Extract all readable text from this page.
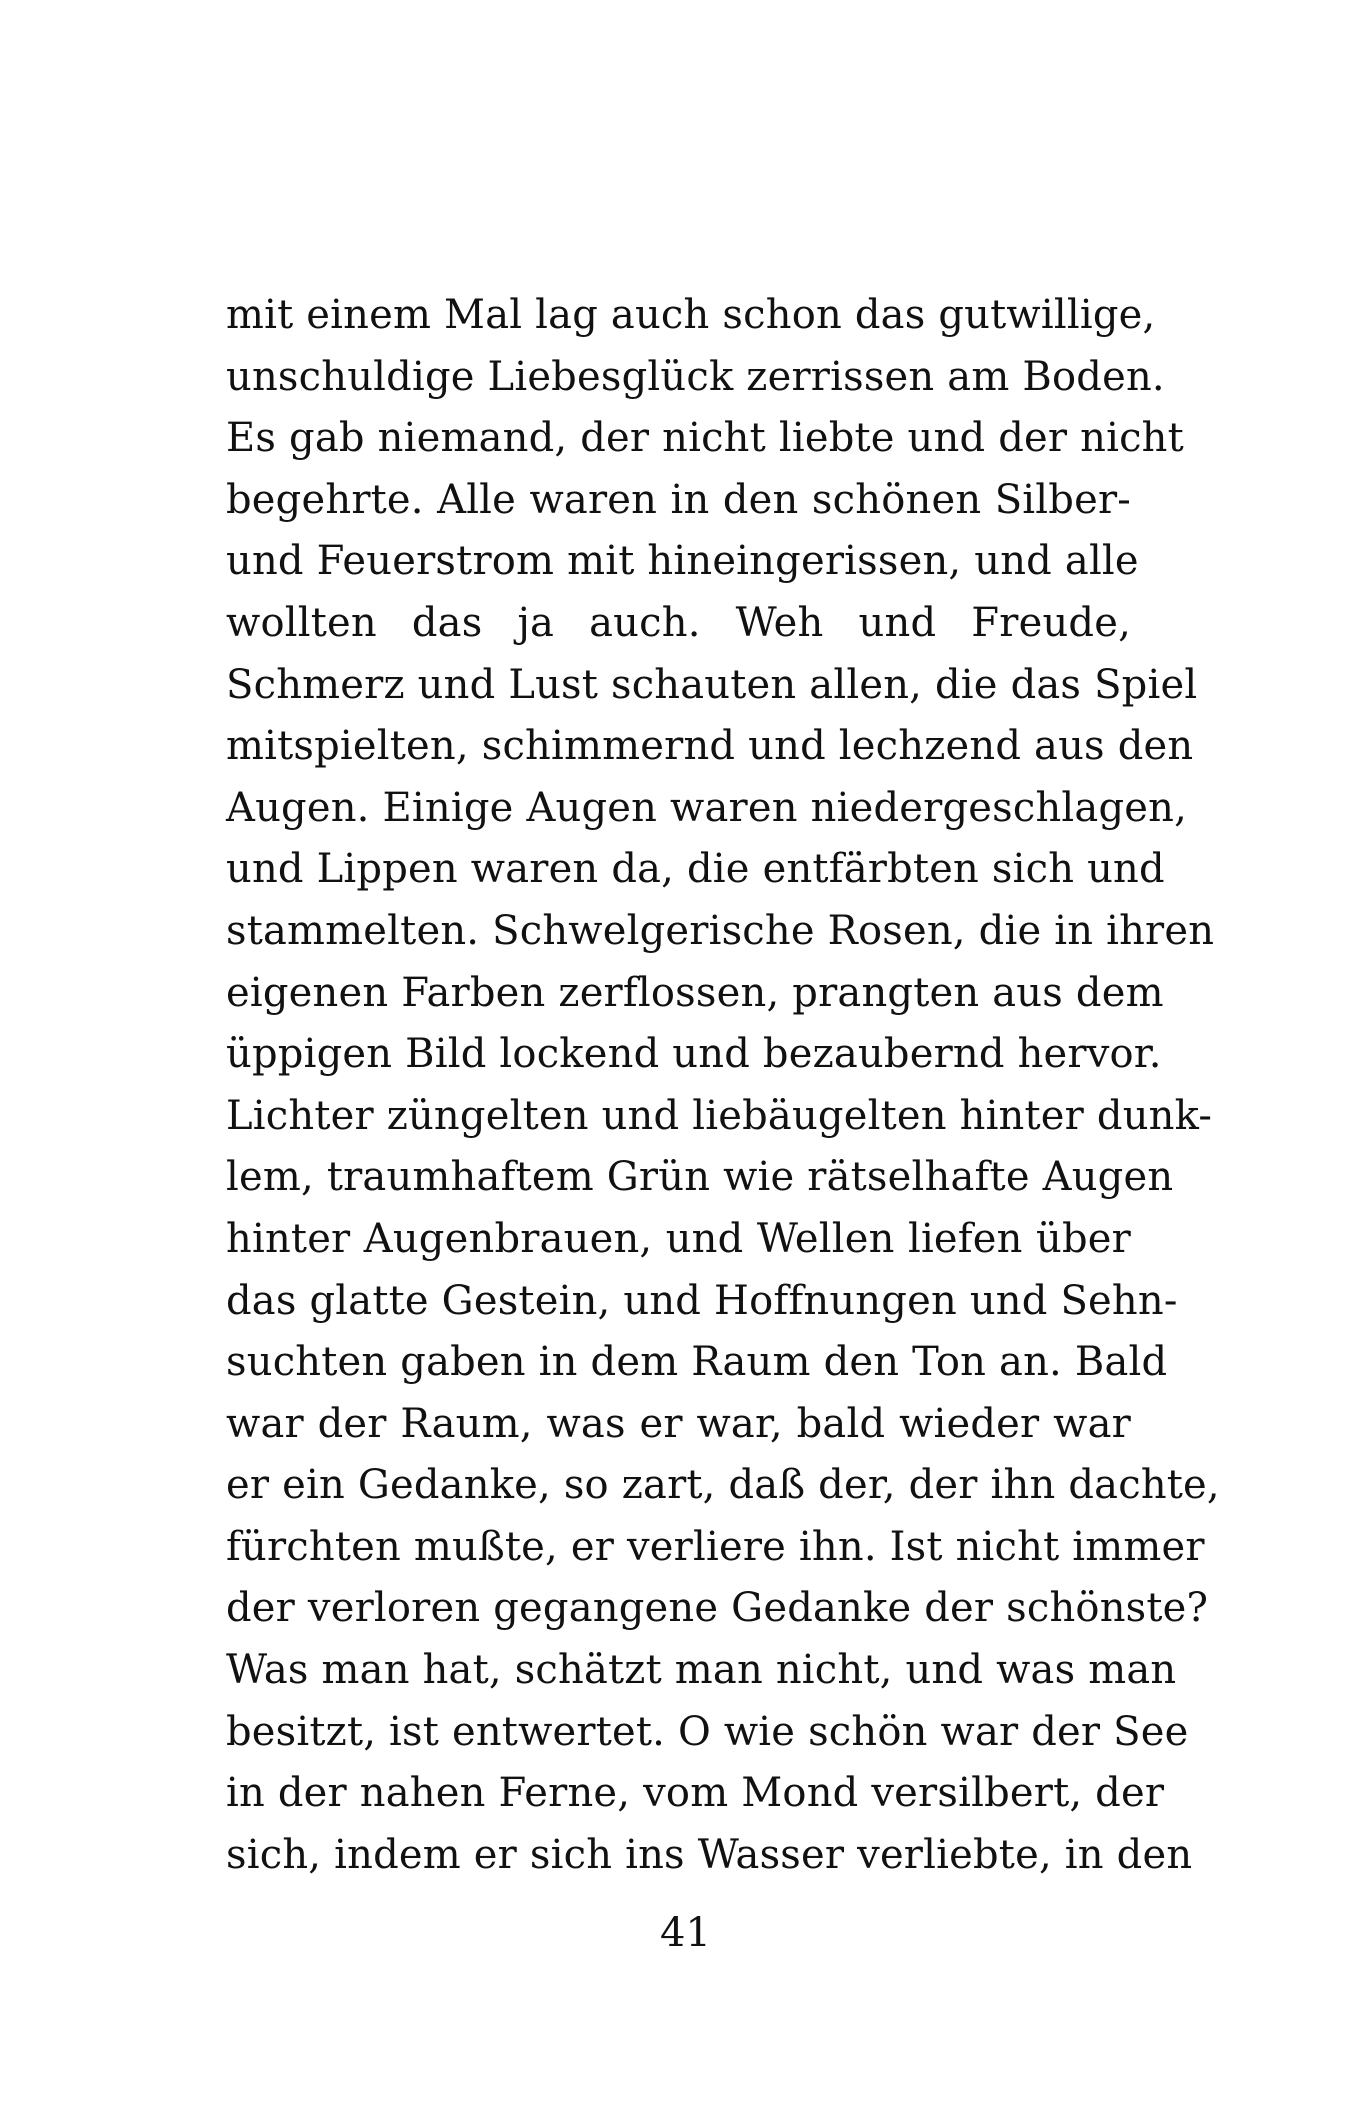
mit einem Mal lag auch schon das gutwillige,
unschuldige Liebesglück zerrissen am Boden.
Es gab niemand, der nicht liebte und der nicht
begehrte. Alle waren in den schönen Silber-
und Feuerstrom mit hineingerissen, und alle
wollten das ja auch. Weh und Freude,
Schmerz und Lust schauten allen, die das Spiel
mitspielten, schimmernd und lechzend aus den
Augen. Einige Augen waren niedergeschlagen,
und Lippen waren da, die entfärbten sich und
stammelten. Schwelgerische Rosen, die in ihren
eigenen Farben zerflossen, prangten aus dem
üppigen Bild lockend und bezaubernd hervor.
Lichter züngelten und liebäugelten hinter dunk-
lem, traumhaftem Grün wie rätselhafte Augen
hinter Augenbrauen, und Wellen liefen über
das glatte Gestein, und Hoffnungen und Sehn-
suchten gaben in dem Raum den Ton an. Bald
war der Raum, was er war, bald wieder war
er ein Gedanke, so zart, daß der, der ihn dachte,
fürchten mußte, er verliere ihn. Ist nicht immer
der verloren gegangene Gedanke der schönste?
Was man hat, schätzt man nicht, und was man
besitzt, ist entwertet. O wie schön war der See
in der nahen Ferne, vom Mond versilbert, der
sich, indem er sich ins Wasser verliebte, in den
41
